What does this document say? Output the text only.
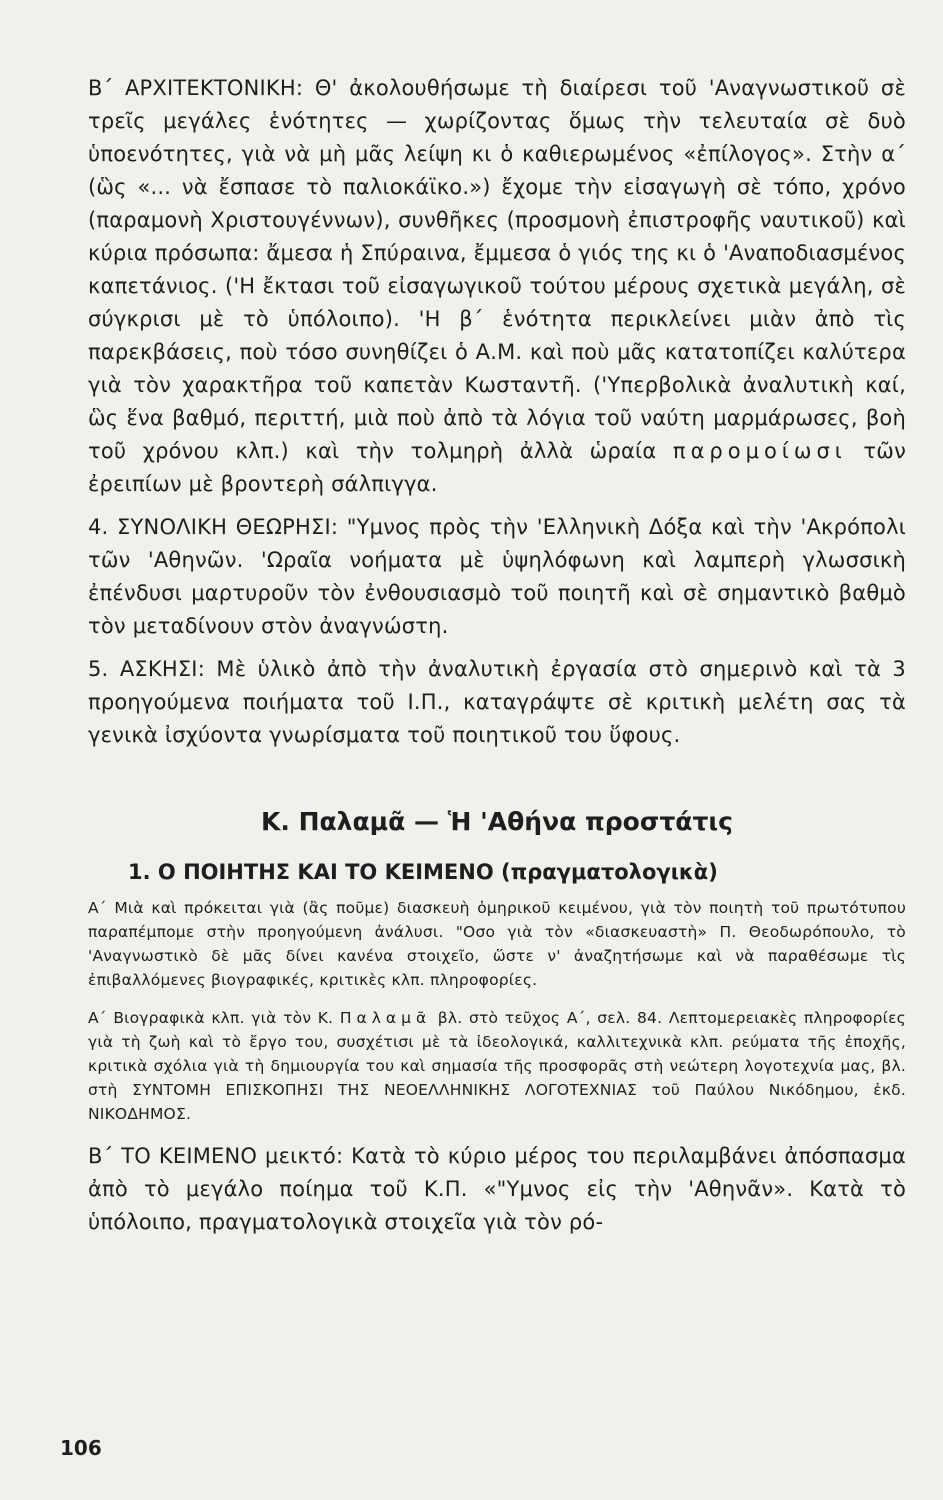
Β΄ ΑΡΧΙΤΕΚΤΟΝΙΚΗ: Θ' ἀκολουθήσωμε τὴ διαίρεσι τοῦ 'Αναγνωστικοῦ σὲ τρεῖς μεγάλες ἑνότητες — χωρίζοντας ὅμως τὴν τελευταία σὲ δυὸ ὑποενότητες, γιὰ νὰ μὴ μᾶς λείψη κι ὁ καθιερωμένος «ἐπίλογος». Στὴν α΄ (ὣς «... νὰ ἔσπασε τὸ παλιοκάϊκο.») ἔχομε τὴν εἰσαγωγὴ σὲ τόπο, χρόνο (παραμονὴ Χριστουγέννων), συνθῆκες (προσμονὴ ἐπιστροφῆς ναυτικοῦ) καὶ κύρια πρόσωπα: ἄμεσα ἡ Σπύραινα, ἔμμεσα ὁ γιός της κι ὁ 'Αναποδιασμένος καπετάνιος. ('Η ἔκτασι τοῦ εἰσαγωγικοῦ τούτου μέρους σχετικὰ μεγάλη, σὲ σύγκρισι μὲ τὸ ὑπόλοιπο). 'Η β΄ ἑνότητα περικλείνει μιὰν ἀπὸ τὶς παρεκβάσεις, ποὺ τόσο συνηθίζει ὁ Α.Μ. καὶ ποὺ μᾶς κατατοπίζει καλύτερα γιὰ τὸν χαρακτῆρα τοῦ καπετὰν Κωσταντῆ. ('Υπερβολικὰ ἀναλυτικὴ καί, ὣς ἕνα βαθμό, περιττή, μιὰ ποὺ ἀπὸ τὰ λόγια τοῦ ναύτη μαρμάρωσες, βοὴ τοῦ χρόνου κλπ.) καὶ τὴν τολμηρὴ ἀλλὰ ὡραία παρομοίωσι τῶν ἐρειπίων μὲ βροντερὴ σάλπιγγα.

4. ΣΥΝΟΛΙΚΗ ΘΕΩΡΗΣΙ: "Υμνος πρὸς τὴν 'Ελληνικὴ Δόξα καὶ τὴν 'Ακρόπολι τῶν 'Αθηνῶν. 'Ωραῖα νοήματα μὲ ὑψηλόφωνη καὶ λαμπερὴ γλωσσικὴ ἐπένδυσι μαρτυροῦν τὸν ἐνθουσιασμὸ τοῦ ποιητῆ καὶ σὲ σημαντικὸ βαθμὸ τὸν μεταδίνουν στὸν ἀναγνώστη.

5. ΑΣΚΗΣΙ: Μὲ ὑλικὸ ἀπὸ τὴν ἀναλυτικὴ ἐργασία στὸ σημερινὸ καὶ τὰ 3 προηγούμενα ποιήματα τοῦ Ι.Π., καταγράψτε σὲ κριτικὴ μελέτη σας τὰ γενικὰ ἰσχύοντα γνωρίσματα τοῦ ποιητικοῦ του ὕφους.

Κ. Παλαμᾶ — Ἡ 'Αθήνα προστάτις
1. Ο ΠΟΙΗΤΗΣ ΚΑΙ ΤΟ ΚΕΙΜΕΝΟ (πραγματολογικὰ)

Α΄ Μιὰ καὶ πρόκειται γιὰ (ἂς ποῦμε) διασκευὴ ὁμηρικοῦ κειμένου, γιὰ τὸν ποιητὴ τοῦ πρωτότυπου παραπέμπομε στὴν προηγούμενη ἀνάλυσι. "Οσο γιὰ τὸν «διασκευαστὴ» Π. Θεοδωρόπουλο, τὸ 'Αναγνωστικὸ δὲ μᾶς δίνει κανένα στοιχεῖο, ὥστε ν' ἀναζητήσωμε καὶ νὰ παραθέσωμε τὶς ἐπιβαλλόμενες βιογραφικές, κριτικὲς κλπ. πληροφορίες.

Α΄ Βιογραφικὰ κλπ. γιὰ τὸν Κ. Παλαμᾶ βλ. στὸ τεῦχος Α΄, σελ. 84. Λεπτομερειακὲς πληροφορίες γιὰ τὴ ζωὴ καὶ τὸ ἔργο του, συσχέτισι μὲ τὰ ἰδεολογικά, καλλιτεχνικὰ κλπ. ρεύματα τῆς ἐποχῆς, κριτικὰ σχόλια γιὰ τὴ δημιουργία του καὶ σημασία τῆς προσφορᾶς στὴ νεώτερη λογοτεχνία μας, βλ. στὴ ΣΥΝΤΟΜΗ ΕΠΙΣΚΟΠΗΣΙ ΤΗΣ ΝΕΟΕΛΛΗΝΙΚΗΣ ΛΟΓΟΤΕΧΝΙΑΣ τοῦ Παύλου Νικόδημου, ἐκδ. ΝΙΚΟΔΗΜΟΣ.

Β΄ ΤΟ ΚΕΙΜΕΝΟ μεικτό: Κατὰ τὸ κύριο μέρος του περιλαμβάνει ἀπόσπασμα ἀπὸ τὸ μεγάλο ποίημα τοῦ Κ.Π. «"Υμνος εἰς τὴν 'Αθηνᾶν». Κατὰ τὸ ὑπόλοιπο, πραγματολογικὰ στοιχεῖα γιὰ τὸν ρό-

106
